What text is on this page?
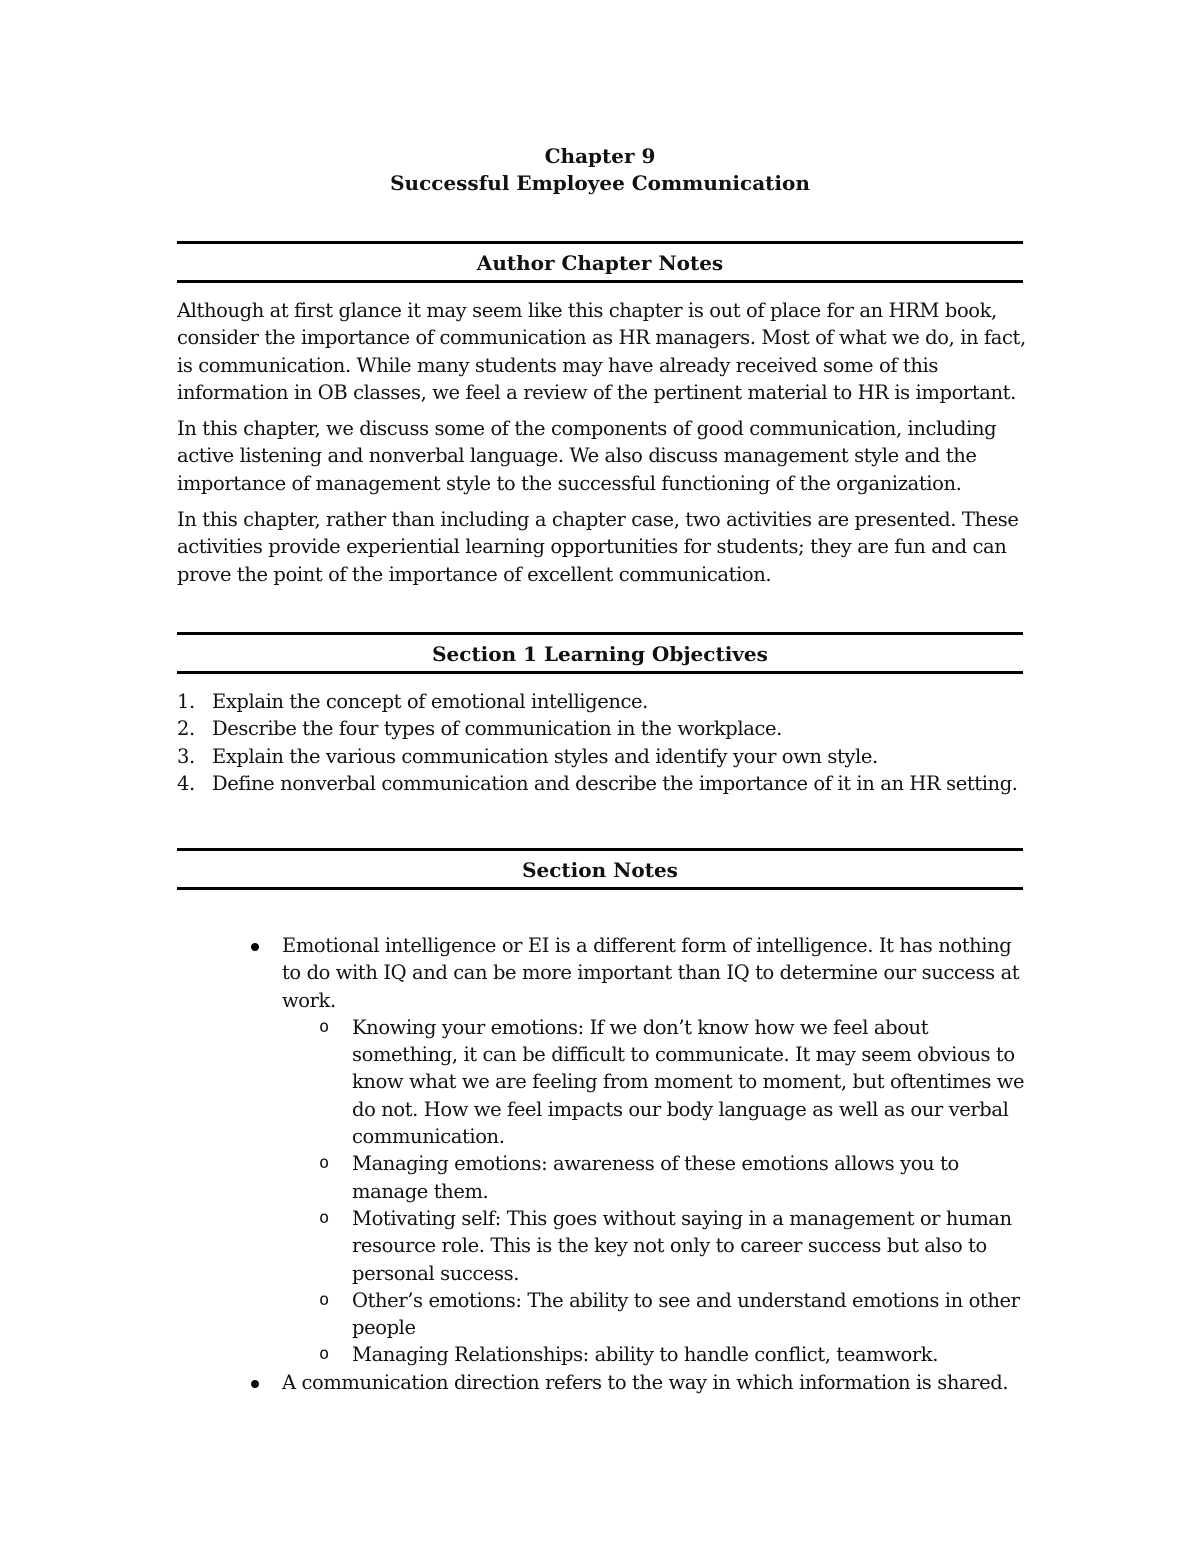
Chapter 9

Successful Employee Communication

Author Chapter Notes

Although at first glance it may seem like this chapter is out of place for an HRM book, consider the importance of communication as HR managers. Most of what we do, in fact, is communication. While many students may have already received some of this information in OB classes, we feel a review of the pertinent material to HR is important.

In this chapter, we discuss some of the components of good communication, including active listening and nonverbal language. We also discuss management style and the importance of management style to the successful functioning of the organization.

In this chapter, rather than including a chapter case, two activities are presented. These activities provide experiential learning opportunities for students; they are fun and can prove the point of the importance of excellent communication.

Section 1 Learning Objectives
1. Explain the concept of emotional intelligence.
2. Describe the four types of communication in the workplace.
3. Explain the various communication styles and identify your own style.
4. Define nonverbal communication and describe the importance of it in an HR setting.
Section Notes
Emotional intelligence or EI is a different form of intelligence. It has nothing to do with IQ and can be more important than IQ to determine our success at work.
o Knowing your emotions: If we don’t know how we feel about something, it can be difficult to communicate. It may seem obvious to know what we are feeling from moment to moment, but oftentimes we do not. How we feel impacts our body language as well as our verbal communication.
o Managing emotions: awareness of these emotions allows you to manage them.
o Motivating self: This goes without saying in a management or human resource role. This is the key not only to career success but also to personal success.
o Other’s emotions: The ability to see and understand emotions in other people
o Managing Relationships: ability to handle conflict, teamwork.
A communication direction refers to the way in which information is shared.
